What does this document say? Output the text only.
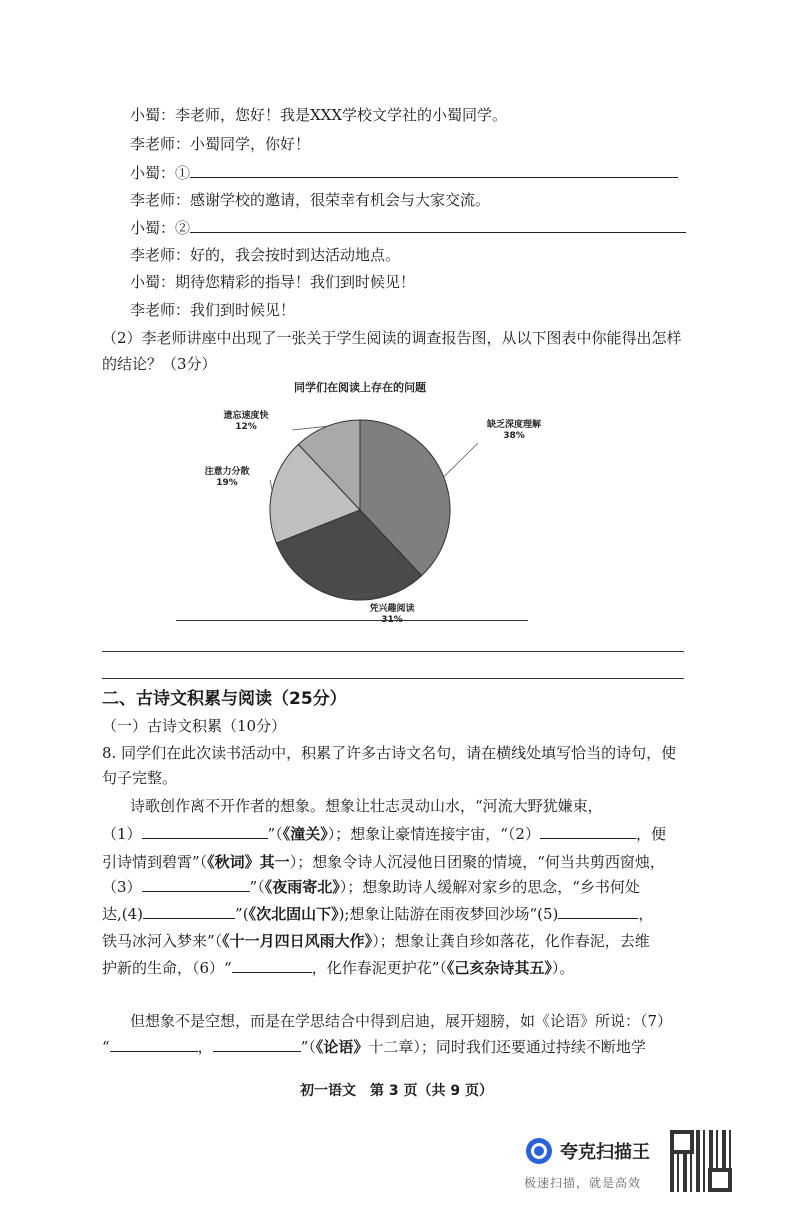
小蜀：李老师，您好！我是XXX学校文学社的小蜀同学。
李老师：小蜀同学，你好！
小蜀：①
李老师：感谢学校的邀请，很荣幸有机会与大家交流。
小蜀：②
李老师：好的，我会按时到达活动地点。
小蜀：期待您精彩的指导！我们到时候见！
李老师：我们到时候见！
（2）李老师讲座中出现了一张关于学生阅读的调查报告图，从以下图表中你能得出怎样
的结论？（3分）
同学们在阅读上存在的问题
缺乏深度理解
38%
凭兴趣阅读
31%
注意力分散
19%
遗忘速度快
12%
二、古诗文积累与阅读（25分）
（一）古诗文积累（10分）
8. 同学们在此次读书活动中，积累了许多古诗文名句，请在横线处填写恰当的诗句，使
句子完整。
诗歌创作离不开作者的想象。想象让壮志灵动山水，“河流大野犹嫌束，
（1）	”（《潼关》）；想象让豪情连接宇宙，“（2）	，便
引诗情到碧霄”（《秋词》其一）；想象令诗人沉浸他日团聚的情境，“何当共剪西窗烛，
（3）	”（《夜雨寄北》）；想象助诗人缓解对家乡的思念，“乡书何处
达,(4)	”(《次北固山下》);想象让陆游在雨夜梦回沙场“(5)	，
铁马冰河入梦来”（《十一月四日风雨大作》）；想象让龚自珍如落花，化作春泥，去维
护新的生命，（6）“	，化作春泥更护花”（《己亥杂诗其五》）。
但想象不是空想，而是在学思结合中得到启迪，展开翅膀，如《论语》所说：（7）
“	，	”（《论语》十二章）；同时我们还要通过持续不断地学
初一语文　第 3 页（共 9 页）
夸克扫描王
极速扫描，就是高效
